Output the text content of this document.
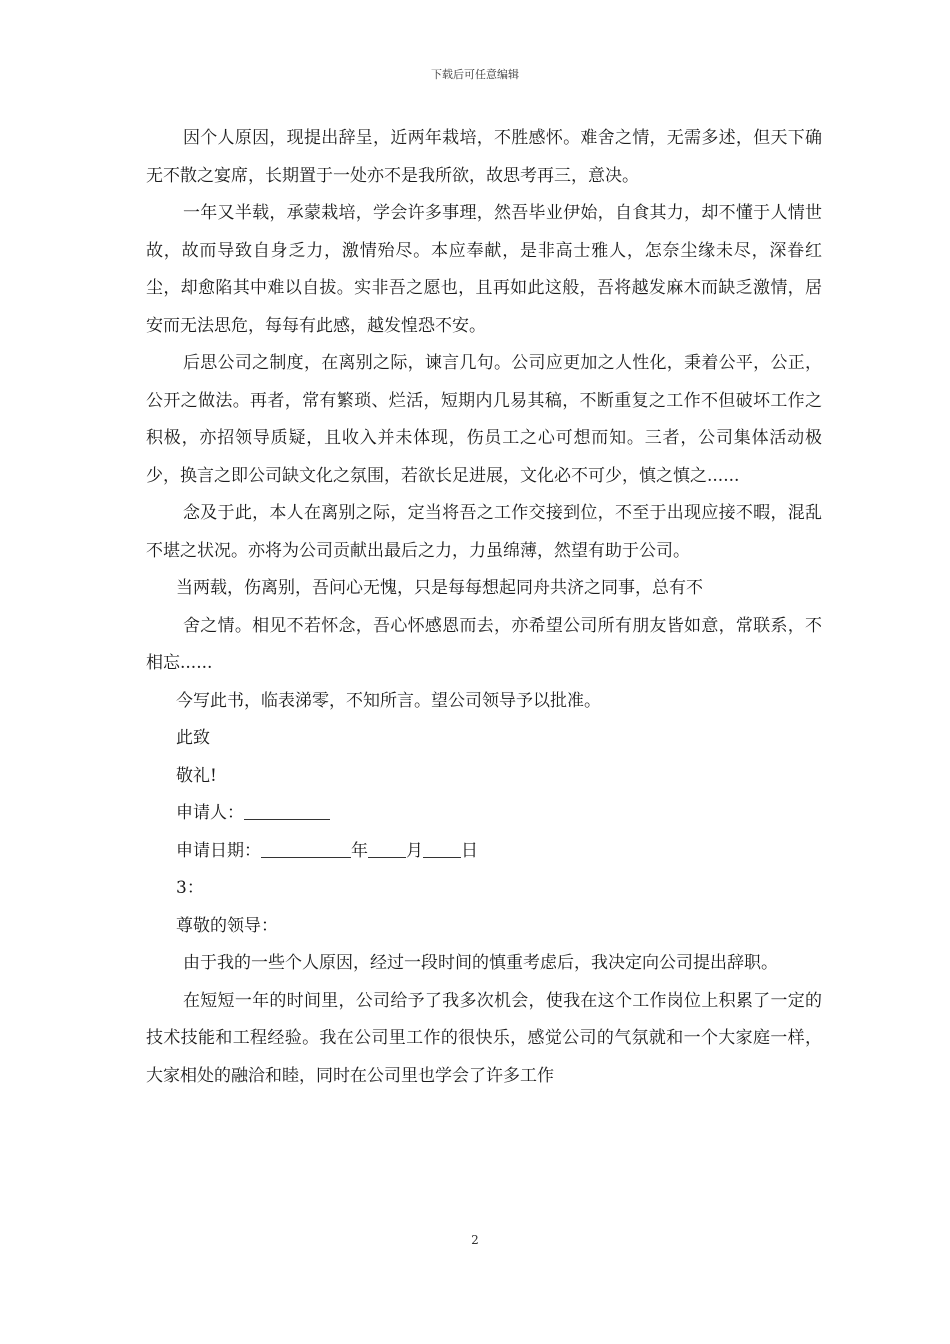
下载后可任意编辑

因个人原因，现提出辞呈，近两年栽培，不胜感怀。难舍之情，无需多述，但天下确无不散之宴席，长期置于一处亦不是我所欲，故思考再三，意决。

一年又半载，承蒙栽培，学会许多事理，然吾毕业伊始，自食其力，却不懂于人情世故，故而导致自身乏力，激情殆尽。本应奉献，是非高士雅人，怎奈尘缘未尽，深眷红尘，却愈陷其中难以自拔。实非吾之愿也，且再如此这般，吾将越发麻木而缺乏激情，居安而无法思危，每每有此感，越发惶恐不安。

后思公司之制度，在离别之际，谏言几句。公司应更加之人性化，秉着公平，公正，公开之做法。再者，常有繁琐、烂活，短期内几易其稿，不断重复之工作不但破坏工作之积极，亦招领导质疑，且收入并未体现，伤员工之心可想而知。三者，公司集体活动极少，换言之即公司缺文化之氛围，若欲长足进展，文化必不可少，慎之慎之......

念及于此，本人在离别之际，定当将吾之工作交接到位，不至于出现应接不暇，混乱不堪之状况。亦将为公司贡献出最后之力，力虽绵薄，然望有助于公司。

当两载，伤离别，吾问心无愧，只是每每想起同舟共济之同事，总有不

舍之情。相见不若怀念，吾心怀感恩而去，亦希望公司所有朋友皆如意，常联系，不相忘......

今写此书，临表涕零，不知所言。望公司领导予以批准。

此致

敬礼!

申请人：

申请日期：	年 月 日

3：

尊敬的领导：

由于我的一些个人原因，经过一段时间的慎重考虑后，我决定向公司提出辞职。

在短短一年的时间里，公司给予了我多次机会，使我在这个工作岗位上积累了一定的技术技能和工程经验。我在公司里工作的很快乐，感觉公司的气氛就和一个大家庭一样，大家相处的融洽和睦，同时在公司里也学会了许多工作

2
